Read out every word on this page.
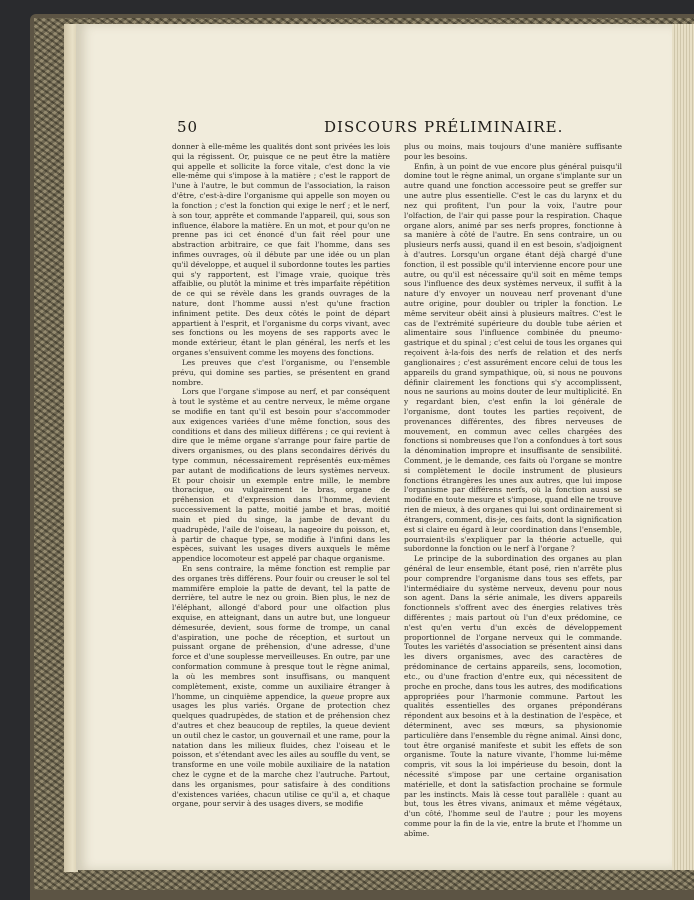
50	DISCOURS PRÉLIMINAIRE.

donner à elle-même les qualités dont sont privées les lois qui la régissent. Or, puisque ce ne peut être la matière qui appelle et sollicite la force vitale, c'est donc la vie elle-même qui s'impose à la matière ; c'est le rapport de l'une à l'autre, le but commun de l'association, la raison d'être, c'est-à-dire l'organisme qui appelle son moyen ou la fonction ; c'est la fonction qui exige le nerf ; et le nerf, à son tour, apprête et commande l'appareil, qui, sous son influence, élabore la matière. En un mot, et pour qu'on ne prenne pas ici cet énoncé d'un fait réel pour une abstraction arbitraire, ce que fait l'homme, dans ses infimes ouvrages, où il débute par une idée ou un plan qu'il développe, et auquel il subordonne toutes les parties qui s'y rapportent, est l'image vraie, quoique très affaiblie, ou plutôt la minime et très imparfaite répétition de ce qui se révèle dans les grands ouvrages de la nature, dont l'homme aussi n'est qu'une fraction infiniment petite. Des deux côtés le point de départ appartient à l'esprit, et l'organisme du corps vivant, avec ses fonctions ou les moyens de ses rapports avec le monde extérieur, étant le plan général, les nerfs et les organes s'ensuivent comme les moyens des fonctions.

Les preuves que c'est l'organisme, ou l'ensemble prévu, qui domine ses parties, se présentent en grand nombre.

Lors que l'organe s'impose au nerf, et par conséquent à tout le système et au centre nerveux, le même organe se modifie en tant qu'il est besoin pour s'accommoder aux exigences variées d'une même fonction, sous des conditions et dans des milieux différens ; ce qui revient à dire que le même organe s'arrange pour faire partie de divers organismes, ou des plans secondaires dérivés du type commun, nécessairement représentés eux-mêmes par autant de modifications de leurs systèmes nerveux. Et pour choisir un exemple entre mille, le membre thoracique, ou vulgairement le bras, organe de préhension et d'expression dans l'homme, devient successivement la patte, moitié jambe et bras, moitié main et pied du singe, la jambe de devant du quadrupède, l'aile de l'oiseau, la nageoire du poisson, et, à partir de chaque type, se modifie à l'infini dans les espèces, suivant les usages divers auxquels le même appendice locomoteur est appelé par chaque organisme.

En sens contraire, la même fonction est remplie par des organes très différens. Pour fouir ou creuser le sol tel mammifère emploie la patte de devant, tel la patte de derrière, tel autre le nez ou groin. Bien plus, le nez de l'éléphant, allongé d'abord pour une olfaction plus exquise, en atteignant, dans un autre but, une longueur démesurée, devient, sous forme de trompe, un canal d'aspiration, une poche de réception, et surtout un puissant organe de préhension, d'une adresse, d'une force et d'une souplesse merveilleuses. En outre, par une conformation commune à presque tout le règne animal, la où les membres sont insuffisans, ou manquent complètement, existe, comme un auxiliaire étranger à l'homme, un cinquième appendice, la queue propre aux usages les plus variés. Organe de protection chez quelques quadrupèdes, de station et de préhension chez d'autres et chez beaucoup de reptiles, la queue devient un outil chez le castor, un gouvernail et une rame, pour la natation dans les milieux fluides, chez l'oiseau et le poisson, et s'étendant avec les ailes au souffle du vent, se transforme en une voile mobile auxiliaire de la natation chez le cygne et de la marche chez l'autruche. Partout, dans les organismes, pour satisfaire à des conditions d'existences variées, chacun utilise ce qu'il a, et chaque organe, pour servir à des usages divers, se modifie

plus ou moins, mais toujours d'une manière suffisante pour les besoins.

Enfin, à un point de vue encore plus général puisqu'il domine tout le règne animal, un organe s'implante sur un autre quand une fonction accessoire peut se greffer sur une autre plus essentielle. C'est le cas du larynx et du nez qui profitent, l'un pour la voix, l'autre pour l'olfaction, de l'air qui passe pour la respiration. Chaque organe alors, animé par ses nerfs propres, fonctionne à sa manière à côté de l'autre. En sens contraire, un ou plusieurs nerfs aussi, quand il en est besoin, s'adjoignent à d'autres. Lorsqu'un organe étant déjà chargé d'une fonction, il est possible qu'il intervienne encore pour une autre, ou qu'il est nécessaire qu'il soit en même temps sous l'influence des deux systèmes nerveux, il suffit à la nature d'y envoyer un nouveau nerf provenant d'une autre origine, pour doubler ou tripler la fonction. Le même serviteur obéit ainsi à plusieurs maîtres. C'est le cas de l'extrémité supérieure du double tube aérien et alimentaire sous l'influence combinée du pneumo-gastrique et du spinal ; c'est celui de tous les organes qui reçoivent à-la-fois des nerfs de relation et des nerfs ganglionaires ; c'est assurément encore celui de tous les appareils du grand sympathique, où, si nous ne pouvons définir clairement les fonctions qui s'y accomplissent, nous ne saurions au moins douter de leur multiplicité. En y regardant bien, c'est enfin la loi générale de l'organisme, dont toutes les parties reçoivent, de provenances différentes, des fibres nerveuses de mouvement, en commun avec celles chargées des fonctions si nombreuses que l'on a confondues à tort sous la dénomination impropre et insuffisante de sensibilité. Comment, je le demande, ces faits où l'organe se montre si complètement le docile instrument de plusieurs fonctions étrangères les unes aux autres, que lui impose l'organisme par différens nerfs, où la fonction aussi se modifie en toute mesure et s'impose, quand elle ne trouve rien de mieux, à des organes qui lui sont ordinairement si étrangers, comment, dis-je, ces faits, dont la signification est si claire eu égard à leur coordination dans l'ensemble, pourraient-ils s'expliquer par la théorie actuelle, qui subordonne la fonction ou le nerf à l'organe ?

Le principe de la subordination des organes au plan général de leur ensemble, étant posé, rien n'arrête plus pour comprendre l'organisme dans tous ses effets, par l'intermédiaire du système nerveux, devenu pour nous son agent. Dans la série animale, les divers appareils fonctionnels s'offrent avec des énergies relatives très différentes ; mais partout où l'un d'eux prédomine, ce n'est qu'en vertu d'un excès de développement proportionnel de l'organe nerveux qui le commande. Toutes les variétés d'association se présentent ainsi dans les divers organismes, avec des caractères de prédominance de certains appareils, sens, locomotion, etc., ou d'une fraction d'entre eux, qui nécessitent de proche en proche, dans tous les autres, des modifications appropriées pour l'harmonie commune. Partout les qualités essentielles des organes prépondérans répondent aux besoins et à la destination de l'espèce, et déterminent, avec ses mœurs, sa physionomie particulière dans l'ensemble du règne animal. Ainsi donc, tout être organisé manifeste et subit les effets de son organisme. Toute la nature vivante, l'homme lui-même compris, vit sous la loi impérieuse du besoin, dont la nécessité s'impose par une certaine organisation matérielle, et dont la satisfaction prochaine se formule par les instincts. Mais là cesse tout parallèle : quant au but, tous les êtres vivans, animaux et même végétaux, d'un côté, l'homme seul de l'autre ; pour les moyens comme pour la fin de la vie, entre la brute et l'homme un abîme.
